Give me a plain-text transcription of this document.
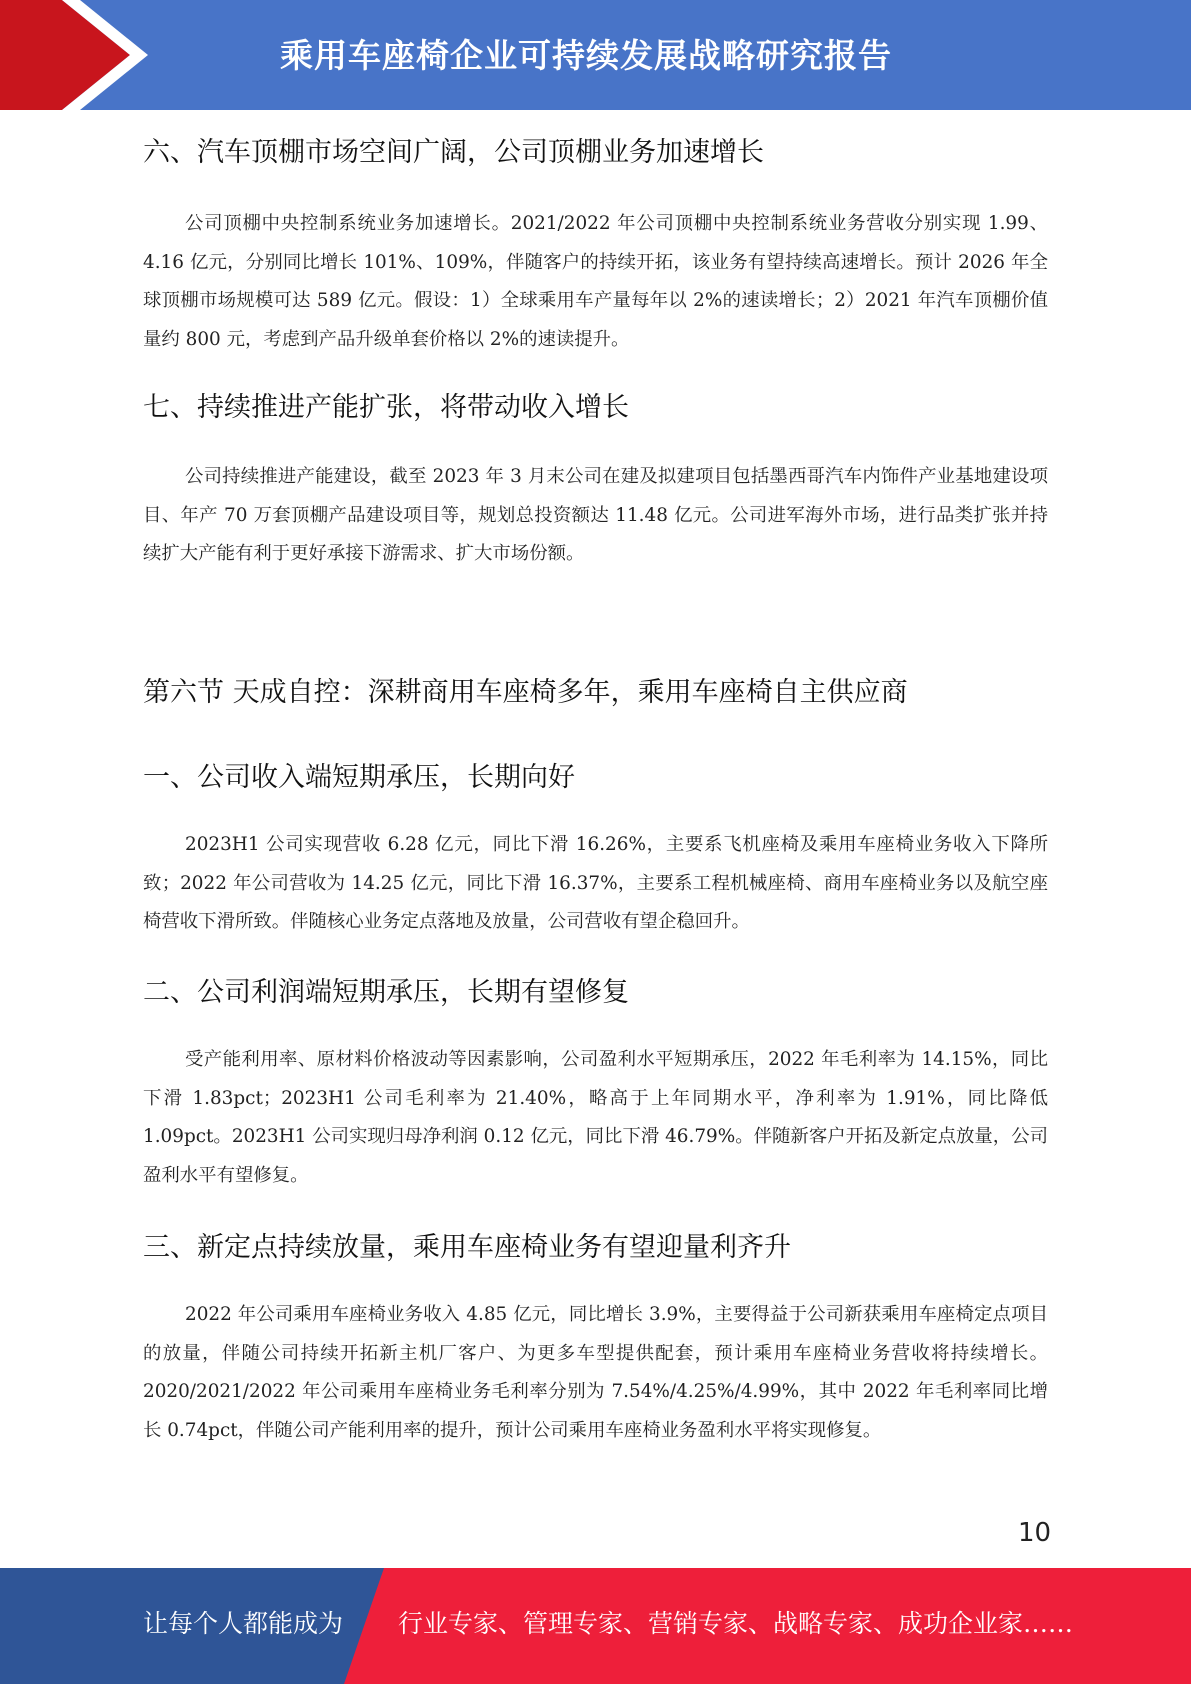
乘用车座椅企业可持续发展战略研究报告
六、汽车顶棚市场空间广阔，公司顶棚业务加速增长

公司顶棚中央控制系统业务加速增长。2021/2022 年公司顶棚中央控制系统业务营收分别实现 1.99、4.16 亿元，分别同比增长 101%、109%，伴随客户的持续开拓，该业务有望持续高速增长。预计 2026 年全球顶棚市场规模可达 589 亿元。假设：1）全球乘用车产量每年以 2%的速读增长；2）2021 年汽车顶棚价值量约 800 元，考虑到产品升级单套价格以 2%的速读提升。

七、持续推进产能扩张，将带动收入增长

公司持续推进产能建设，截至 2023 年 3 月末公司在建及拟建项目包括墨西哥汽车内饰件产业基地建设项目、年产 70 万套顶棚产品建设项目等，规划总投资额达 11.48 亿元。公司进军海外市场，进行品类扩张并持续扩大产能有利于更好承接下游需求、扩大市场份额。

第六节 天成自控：深耕商用车座椅多年，乘用车座椅自主供应商
一、公司收入端短期承压，长期向好

2023H1 公司实现营收 6.28 亿元，同比下滑 16.26%，主要系飞机座椅及乘用车座椅业务收入下降所致；2022 年公司营收为 14.25 亿元，同比下滑 16.37%，主要系工程机械座椅、商用车座椅业务以及航空座椅营收下滑所致。伴随核心业务定点落地及放量，公司营收有望企稳回升。

二、公司利润端短期承压，长期有望修复

受产能利用率、原材料价格波动等因素影响，公司盈利水平短期承压，2022 年毛利率为 14.15%，同比下滑 1.83pct；2023H1 公司毛利率为 21.40%，略高于上年同期水平，净利率为 1.91%，同比降低 1.09pct。2023H1 公司实现归母净利润 0.12 亿元，同比下滑 46.79%。伴随新客户开拓及新定点放量，公司盈利水平有望修复。

三、新定点持续放量，乘用车座椅业务有望迎量利齐升

2022 年公司乘用车座椅业务收入 4.85 亿元，同比增长 3.9%，主要得益于公司新获乘用车座椅定点项目的放量，伴随公司持续开拓新主机厂客户、为更多车型提供配套，预计乘用车座椅业务营收将持续增长。 2020/2021/2022 年公司乘用车座椅业务毛利率分别为 7.54%/4.25%/4.99%，其中 2022 年毛利率同比增长 0.74pct，伴随公司产能利用率的提升，预计公司乘用车座椅业务盈利水平将实现修复。

10
让每个人都能成为 行业专家、管理专家、营销专家、战略专家、成功企业家……
